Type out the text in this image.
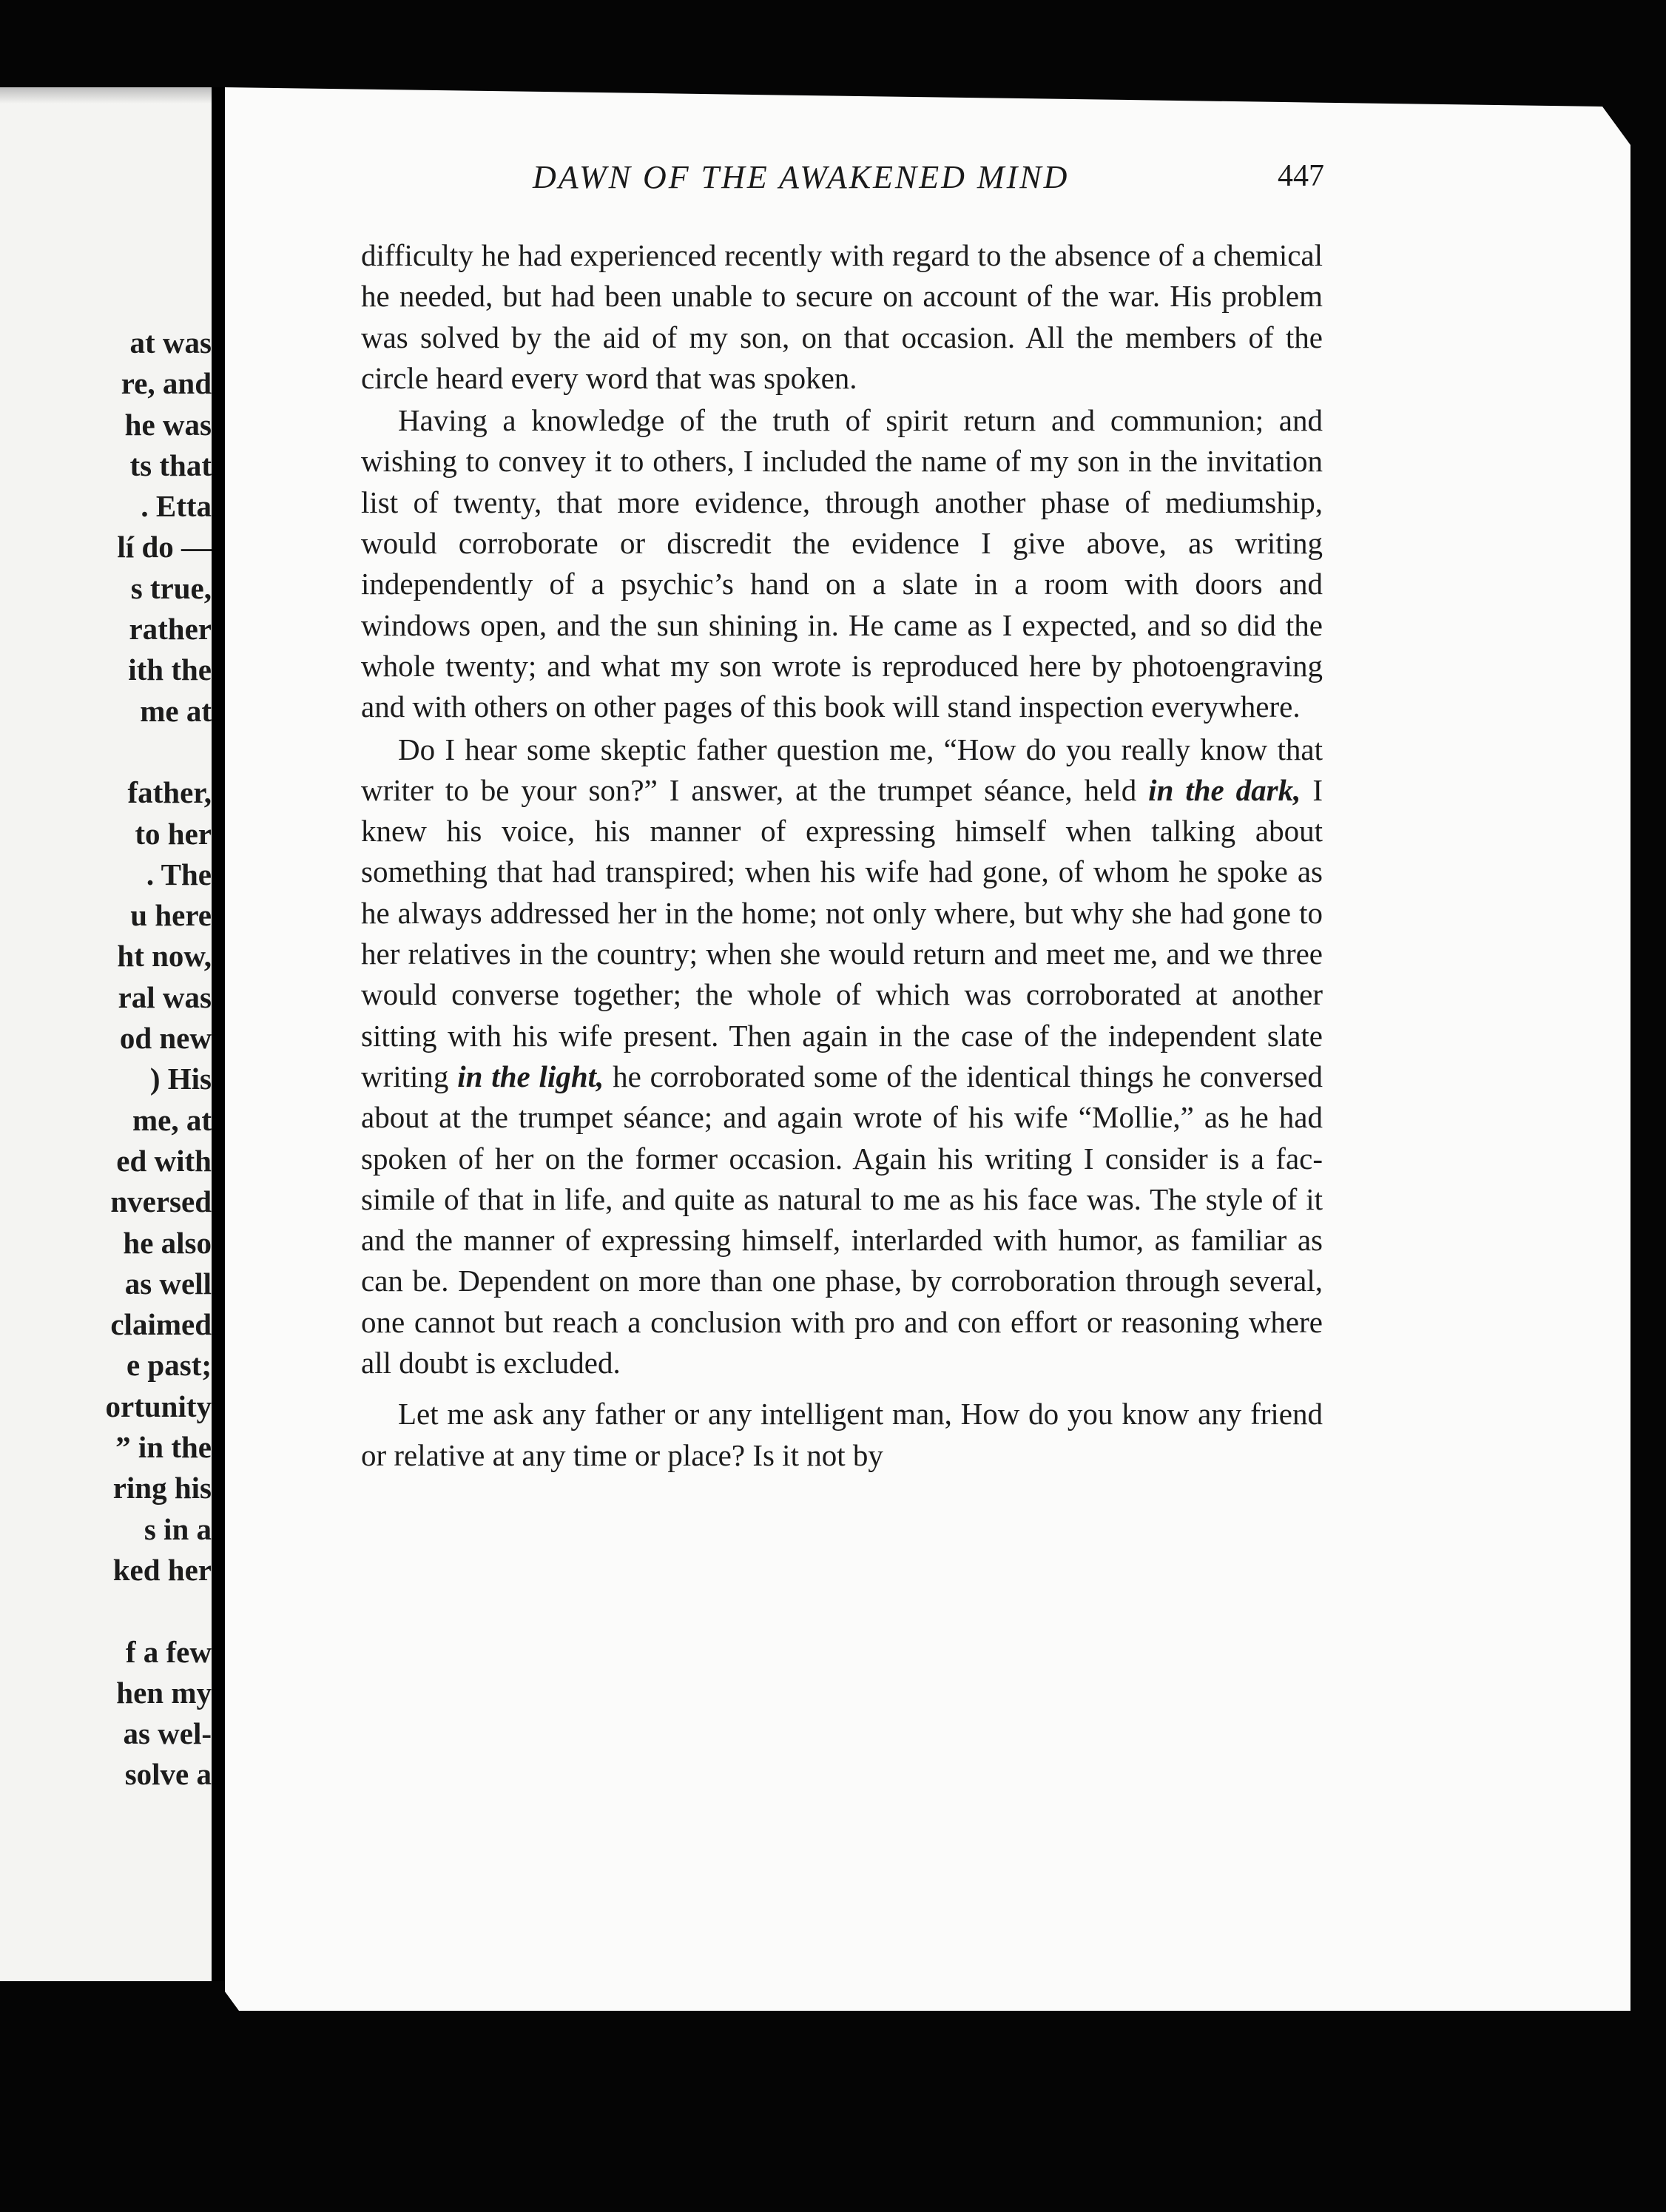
at was
re, and
he was
ts that
. Etta
lí do —
s true,
rather
ith the
me at

father,
to her
. The
u here
ht now,
ral was
od new
) His
me, at
ed with
nversed
he also
as well
claimed
e past;
ortunity
” in the
ring his
s in a
ked her

f a few
hen my
as wel-
solve a
DAWN OF THE AWAKENED MIND	447

difficulty he had experienced recently with regard to the absence of a chemical he needed, but had been unable to secure on account of the war. His problem was solved by the aid of my son, on that occasion. All the members of the circle heard every word that was spoken.

Having a knowledge of the truth of spirit return and communion; and wishing to convey it to others, I included the name of my son in the invitation list of twenty, that more evidence, through another phase of mediumship, would corroborate or discredit the evidence I give above, as writing independently of a psychic’s hand on a slate in a room with doors and windows open, and the sun shining in. He came as I expected, and so did the whole twenty; and what my son wrote is reproduced here by photoengraving and with others on other pages of this book will stand inspection everywhere.

Do I hear some skeptic father question me, “How do you really know that writer to be your son?” I answer, at the trumpet séance, held in the dark, I knew his voice, his manner of expressing himself when talking about something that had transpired; when his wife had gone, of whom he spoke as he always addressed her in the home; not only where, but why she had gone to her relatives in the country; when she would return and meet me, and we three would converse together; the whole of which was corroborated at another sitting with his wife present. Then again in the case of the independent slate writing in the light, he corroborated some of the identical things he conversed about at the trumpet séance; and again wrote of his wife “Mollie,” as he had spoken of her on the former occasion. Again his writing I consider is a fac-simile of that in life, and quite as natural to me as his face was. The style of it and the manner of expressing himself, interlarded with humor, as familiar as can be. Dependent on more than one phase, by corroboration through several, one cannot but reach a conclusion with pro and con effort or reasoning where all doubt is excluded.

Let me ask any father or any intelligent man, How do you know any friend or relative at any time or place? Is it not by
